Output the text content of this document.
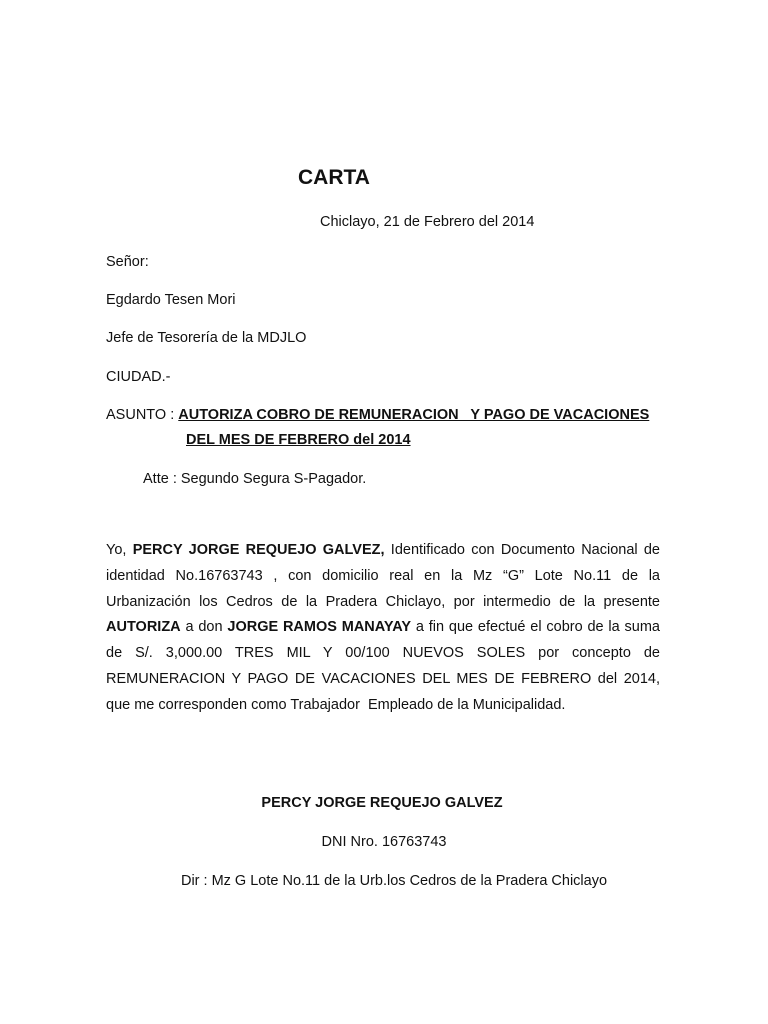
CARTA
Chiclayo, 21 de Febrero del 2014
Señor:
Egdardo Tesen Mori
Jefe de Tesorería de la MDJLO
CIUDAD.-
ASUNTO : AUTORIZA COBRO DE REMUNERACION   Y PAGO DE VACACIONES
DEL MES DE FEBRERO del 2014
Atte : Segundo Segura S-Pagador.
Yo, PERCY JORGE REQUEJO GALVEZ, Identificado con Documento Nacional de identidad No.16763743 , con domicilio real en la Mz “G” Lote No.11 de la Urbanización los Cedros de la Pradera Chiclayo, por intermedio de la presente AUTORIZA a don JORGE RAMOS MANAYAY a fin que efectué el cobro de la suma de S/. 3,000.00 TRES MIL Y 00/100 NUEVOS SOLES por concepto de REMUNERACION Y PAGO DE VACACIONES DEL MES DE FEBRERO del 2014, que me corresponden como Trabajador  Empleado de la Municipalidad.
PERCY JORGE REQUEJO GALVEZ
DNI Nro. 16763743
Dir : Mz G Lote No.11 de la Urb.los Cedros de la Pradera Chiclayo
